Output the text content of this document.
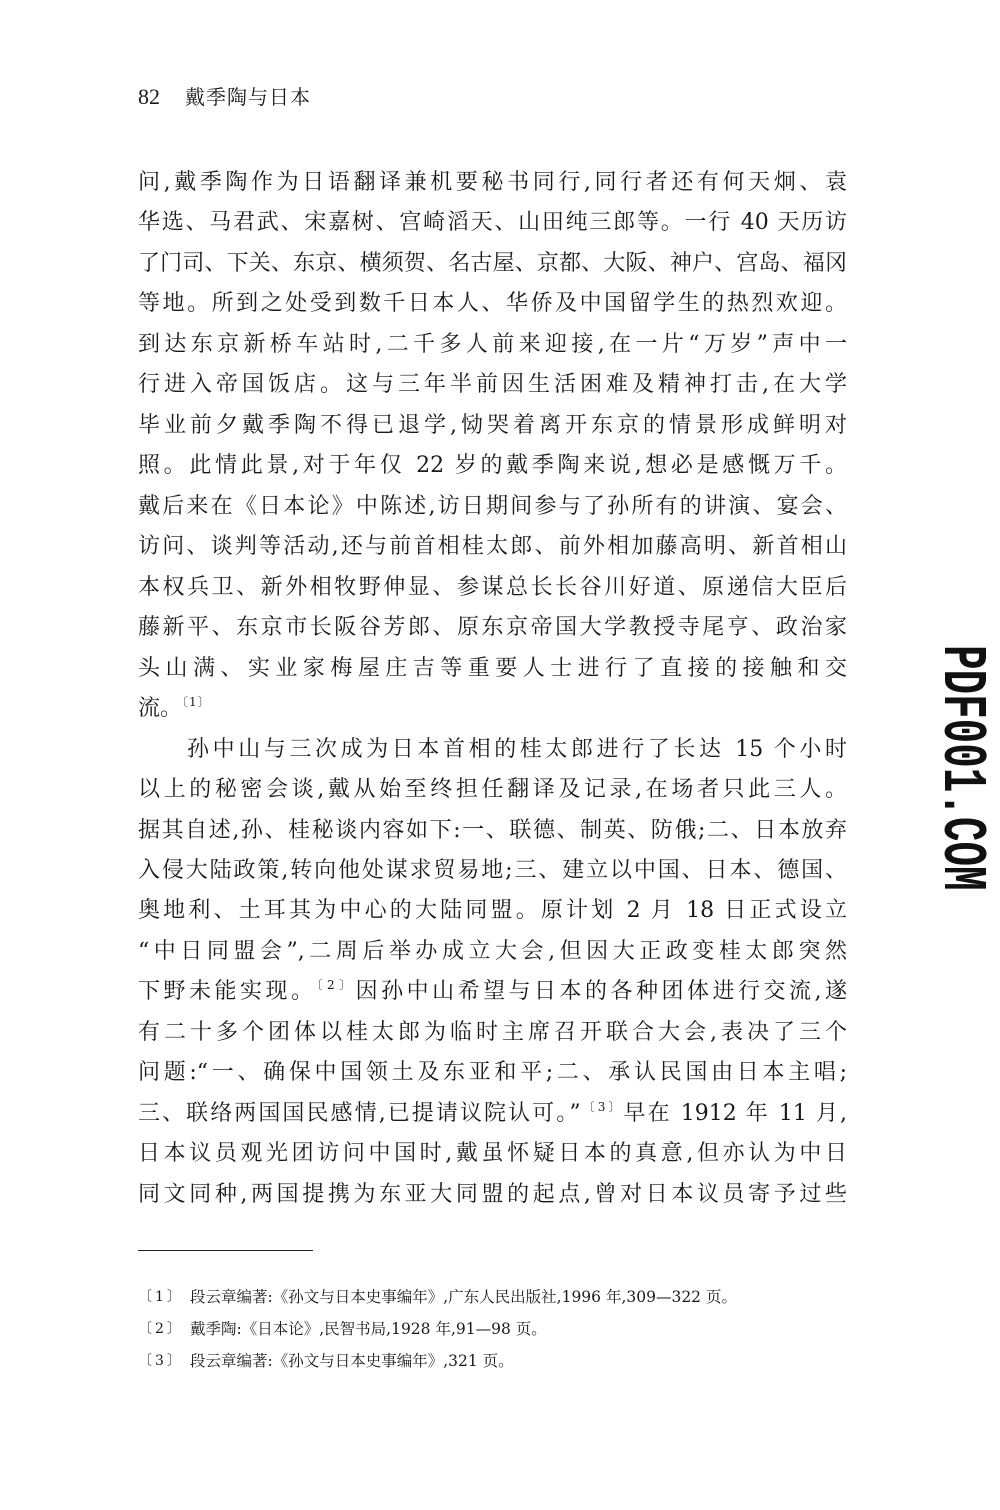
82 戴季陶与日本
问,戴季陶作为日语翻译兼机要秘书同行,同行者还有何天炯、袁
华选、马君武、宋嘉树、宫崎滔天、山田纯三郎等。一行 40 天历访
了门司、下关、东京、横须贺、名古屋、京都、大阪、神户、宫岛、福冈
等地。所到之处受到数千日本人、华侨及中国留学生的热烈欢迎。
到达东京新桥车站时,二千多人前来迎接,在一片“万岁”声中一
行进入帝国饭店。这与三年半前因生活困难及精神打击,在大学
毕业前夕戴季陶不得已退学,恸哭着离开东京的情景形成鲜明对
照。此情此景,对于年仅 22 岁的戴季陶来说,想必是感慨万千。
戴后来在《日本论》中陈述,访日期间参与了孙所有的讲演、宴会、
访问、谈判等活动,还与前首相桂太郎、前外相加藤高明、新首相山
本权兵卫、新外相牧野伸显、参谋总长长谷川好道、原递信大臣后
藤新平、东京市长阪谷芳郎、原东京帝国大学教授寺尾亨、政治家
头山满、实业家梅屋庄吉等重要人士进行了直接的接触和交
流。$^{〔1〕}$
孙中山与三次成为日本首相的桂太郎进行了长达 15 个小时
以上的秘密会谈,戴从始至终担任翻译及记录,在场者只此三人。
据其自述,孙、桂秘谈内容如下:一、联德、制英、防俄;二、日本放弃
入侵大陆政策,转向他处谋求贸易地;三、建立以中国、日本、德国、
奥地利、土耳其为中心的大陆同盟。原计划 2 月 18 日正式设立
“中日同盟会”,二周后举办成立大会,但因大正政变桂太郎突然
下野未能实现。$^{〔2〕}$因孙中山希望与日本的各种团体进行交流,遂
有二十多个团体以桂太郎为临时主席召开联合大会,表决了三个
问题:“一、确保中国领土及东亚和平;二、承认民国由日本主唱;
三、联络两国国民感情,已提请议院认可。”$^{〔3〕}$早在 1912 年 11 月,
日本议员观光团访问中国时,戴虽怀疑日本的真意,但亦认为中日
同文同种,两国提携为东亚大同盟的起点,曾对日本议员寄予过些
〔1〕 段云章编著:《孙文与日本史事编年》,广东人民出版社,1996 年,309—322 页。
〔2〕 戴季陶:《日本论》,民智书局,1928 年,91—98 页。
〔3〕 段云章编著:《孙文与日本史事编年》,321 页。
PDF001.COM
